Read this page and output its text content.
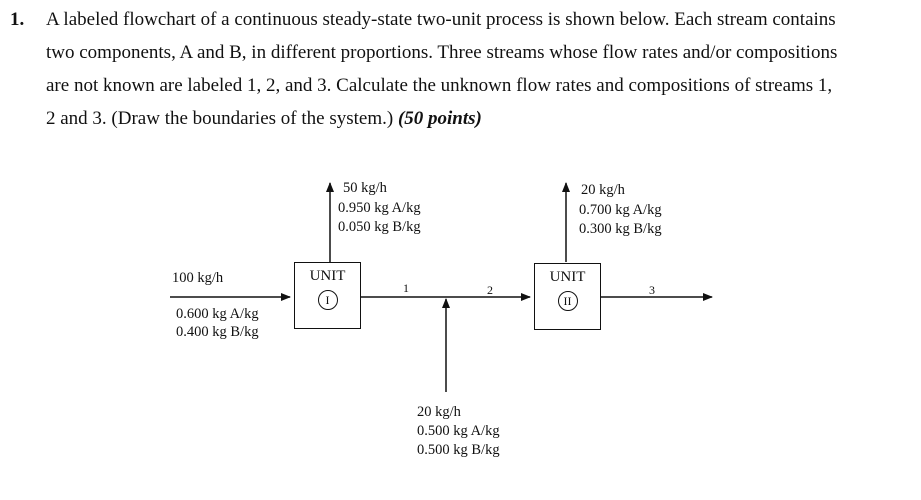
1. A labeled flowchart of a continuous steady-state two-unit process is shown below. Each stream contains
two components, A and B, in different proportions. Three streams whose flow rates and/or compositions
are not known are labeled 1, 2, and 3. Calculate the unknown flow rates and compositions of streams 1,
2 and 3. (Draw the boundaries of the system.) (50 points)
UNIT
I
UNIT
II
100 kg/h
0.600 kg A/kg
0.400 kg B/kg
50 kg/h
0.950 kg A/kg
0.050 kg B/kg
20 kg/h
0.700 kg A/kg
0.300 kg B/kg
20 kg/h
0.500 kg A/kg
0.500 kg B/kg
1	2	3
